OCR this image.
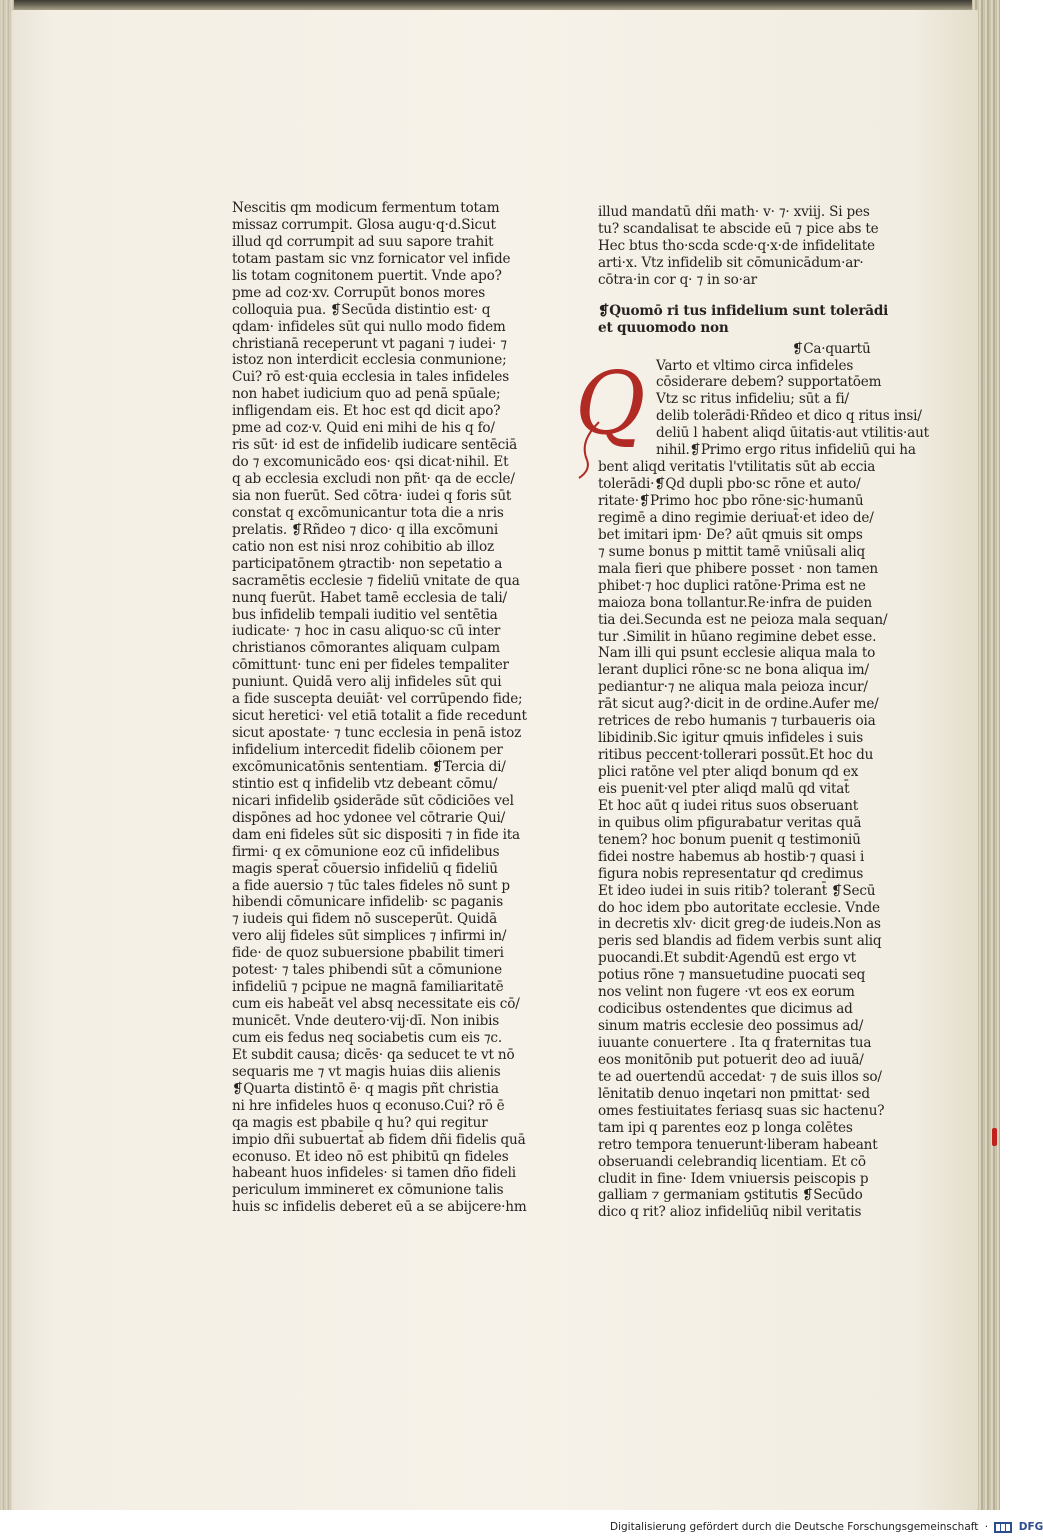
Nescitis qm modicum fermentum totam
missaz corrumpit. Glosa augu·q·d.Sicut
illud qd corrumpit ad suu sapore trahit
totam pastam sic vnz fornicator vel infide
lis totam cognitonem puertit. Vnde apo?
pme ad coz·xv. Corrupūt bonos mores
colloquia pua. ❡Secūda distintio est· q
qdam· infideles sūt qui nullo modo fidem
christianā receperunt vt pagani ⁊ iudei· ⁊
istoz non interdicit ecclesia conmunione;
Cui? rō est·quia ecclesia in tales infideles
non habet iudicium quo ad penā spūale;
infligendam eis. Et hoc est qd dicit apo?
pme ad coz·v. Quid eni mihi de his q fo/
ris sūt· id est de infidelib iudicare sentēciā
do ⁊ excomunicādo eos· qsi dicat·nihil. Et
q ab ecclesia excludi non pñt· qa de eccle/
sia non fuerūt. Sed cōtra· iudei q foris sūt
constat q excōmunicantur tota die a nris
prelatis. ❡Rñdeo ⁊ dico· q illa excōmuni
catio non est nisi nroz cohibitio ab illoz
participatōnem ꝯtractib· non sepetatio a
sacramētis ecclesie ⁊ fideliū vnitate de qua
nunq fuerūt. Habet tamē ecclesia de tali/
bus infidelib tempali iuditio vel sentētia
iudicate· ⁊ hoc in casu aliquo·sc cū inter
christianos cōmorantes aliquam culpam
cōmittunt· tunc eni per fideles tempaliter
puniunt. Quidā vero alij infideles sūt qui
a fide suscepta deuiāt· vel corrūpendo fide;
sicut heretici· vel etiā totalit a fide recedunt
sicut apostate· ⁊ tunc ecclesia in penā istoz
infidelium intercedit fidelib cōionem per
excōmunicatōnis sententiam. ❡Tercia di/
stintio est q infidelib vtz debeant cōmu/
nicari infidelib ꝯsiderāde sūt cōdiciōes vel
dispōnes ad hoc ydonee vel cōtrarie Qui/
dam eni fideles sūt sic dispositi ⁊ in fide ita
firmi· q ex cōmunione eoz cū infidelibus
magis sperat̄ cōuersio infideliū q fideliū
a fide auersio ⁊ tūc tales fideles nō sunt p
hibendi cōmunicare infidelib· sc paganis
⁊ iudeis qui fidem nō susceperūt. Quidā
vero alij fideles sūt simplices ⁊ infirmi in/
fide· de quoz subuersione pbabilit timeri
potest· ⁊ tales phibendi sūt a cōmunione
infideliū ⁊ pcipue ne magnā familiaritatē
cum eis habeāt vel absq necessitate eis cō/
municēt. Vnde deutero·vij·dī. Non inibis
cum eis fedus neq sociabetis cum eis ⁊c.
Et subdit causa; dicēs· qa seducet te vt nō
sequaris me ⁊ vt magis huias diis alienis
❡Quarta distintō ē· q magis pñt christia
ni hre infideles huos q econuso.Cui? rō ē
qa magis est pbabile q hu? qui regitur
impio dñi subuertat̄ ab fidem dñi fidelis quā
econuso. Et ideo nō est phibitū qn fideles
habeant huos infideles· si tamen dño fideli
periculum immineret ex cōmunione talis
huis sc infidelis deberet eū a se abijcere·hm
illud mandatū dñi math· v· ⁊· xviij. Si pes
tu? scandalisat te abscide eū ⁊ pice abs te
Hec btus tho·scda scde·q·x·de infidelitate
arti·x. Vtz infidelib sit cōmunicādum·ar·
cōtra·in cor q· ⁊ in so·ar
❡Quomō ri tus infidelium sunt tolerādi
et quuomodo non
❡Ca·quartū
Varto et vltimo circa infideles
cōsiderare debem? supportatōem
Vtz sc ritus infideliu; sūt a fi/
delib tolerādi·Rñdeo et dico q ritus insi/
deliū l habent aliqd ūitatis·aut vtilitis·aut
nihil.❡Primo ergo ritus infideliū qui ha
bent aliqd veritatis l'vtilitatis sūt ab eccia
tolerādi·❡Qd dupli pbo·sc rōne et auto/
ritate·❡Primo hoc pbo rōne·sic·humanū
regimē a dino regimie deriuat̄·et ideo de/
bet imitari ipm· De? aūt qmuis sit omps
⁊ sume bonus p mittit tamē vniūsali aliq
mala fieri que phibere posset · non tamen
phibet·⁊ hoc duplici ratōne·Prima est ne
maioza bona tollantur.Re·infra de puiden
tia dei.Secunda est ne peioza mala sequan/
tur .Similit in hūano regimine debet esse.
Nam illi qui psunt ecclesie aliqua mala to
lerant duplici rōne·sc ne bona aliqua im/
pediantur·⁊ ne aliqua mala peioza incur/
rāt sicut aug?·dicit in de ordine.Aufer me/
retrices de rebo humanis ⁊ turbaueris oia
libidinib.Sic igitur qmuis infideles i suis
ritibus peccent·tollerari possūt.Et hoc du
plici ratōne vel pter aliqd bonum qd ex
eis puenit·vel pter aliqd malū qd vitat̄
Et hoc aūt q iudei ritus suos obseruant
in quibus olim pfigurabatur veritas quā
tenem? hoc bonum puenit q testimoniū
fidei nostre habemus ab hostib·⁊ quasi i
figura nobis representatur qd credimus
Et ideo iudei in suis ritib? tolerant̄ ❡Secū
do hoc idem pbo autoritate ecclesie. Vnde
in decretis xlv· dicit greg·de iudeis.Non as
peris sed blandis ad fidem verbis sunt aliq
puocandi.Et subdit·Agendū est ergo vt
potius rōne ⁊ mansuetudine puocati seq
nos velint non fugere ·vt eos ex eorum
codicibus ostendentes que dicimus ad
sinum matris ecclesie deo possimus ad/
iuuante conuertere . Ita q fraternitas tua
eos monitōnib put potuerit deo ad iuuā/
te ad ouertendū accedat· ⁊ de suis illos so/
lēnitatib denuo inqetari non pmittat· sed
omes festiuitates feriasq suas sic hactenu?
tam ipi q parentes eoz p longa colētes
retro tempora tenuerunt·liberam habeant
obseruandi celebrandiq licentiam. Et cō
cludit in fine· Idem vniuersis peiscopis p
galliam ⁊ germaniam ꝯstitutis ❡Secūdo
dico q rit? alioz infideliūq nibil veritatis
Q
Digitalisierung gefördert durch die Deutsche Forschungsgemeinschaft ·	DFG
